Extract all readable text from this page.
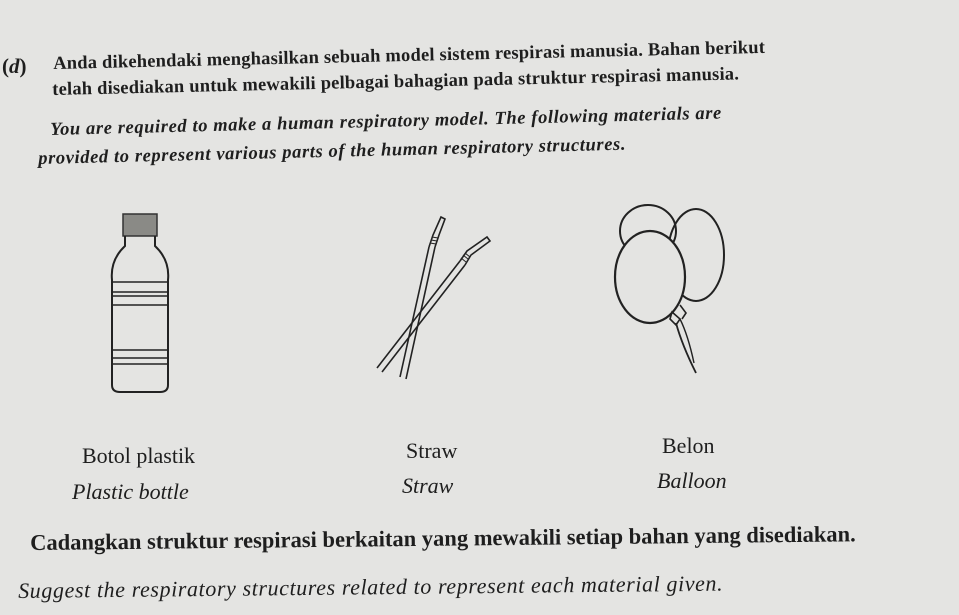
(d) Anda dikehendaki menghasilkan sebuah model sistem respirasi manusia. Bahan berikut
telah disediakan untuk mewakili pelbagai bahagian pada struktur respirasi manusia.
You are required to make a human respiratory model. The following materials are
provided to represent various parts of the human respiratory structures.
Botol plastik
Plastic bottle
Straw
Straw
Belon
Balloon
Cadangkan struktur respirasi berkaitan yang mewakili setiap bahan yang disediakan.
Suggest the respiratory structures related to represent each material given.
